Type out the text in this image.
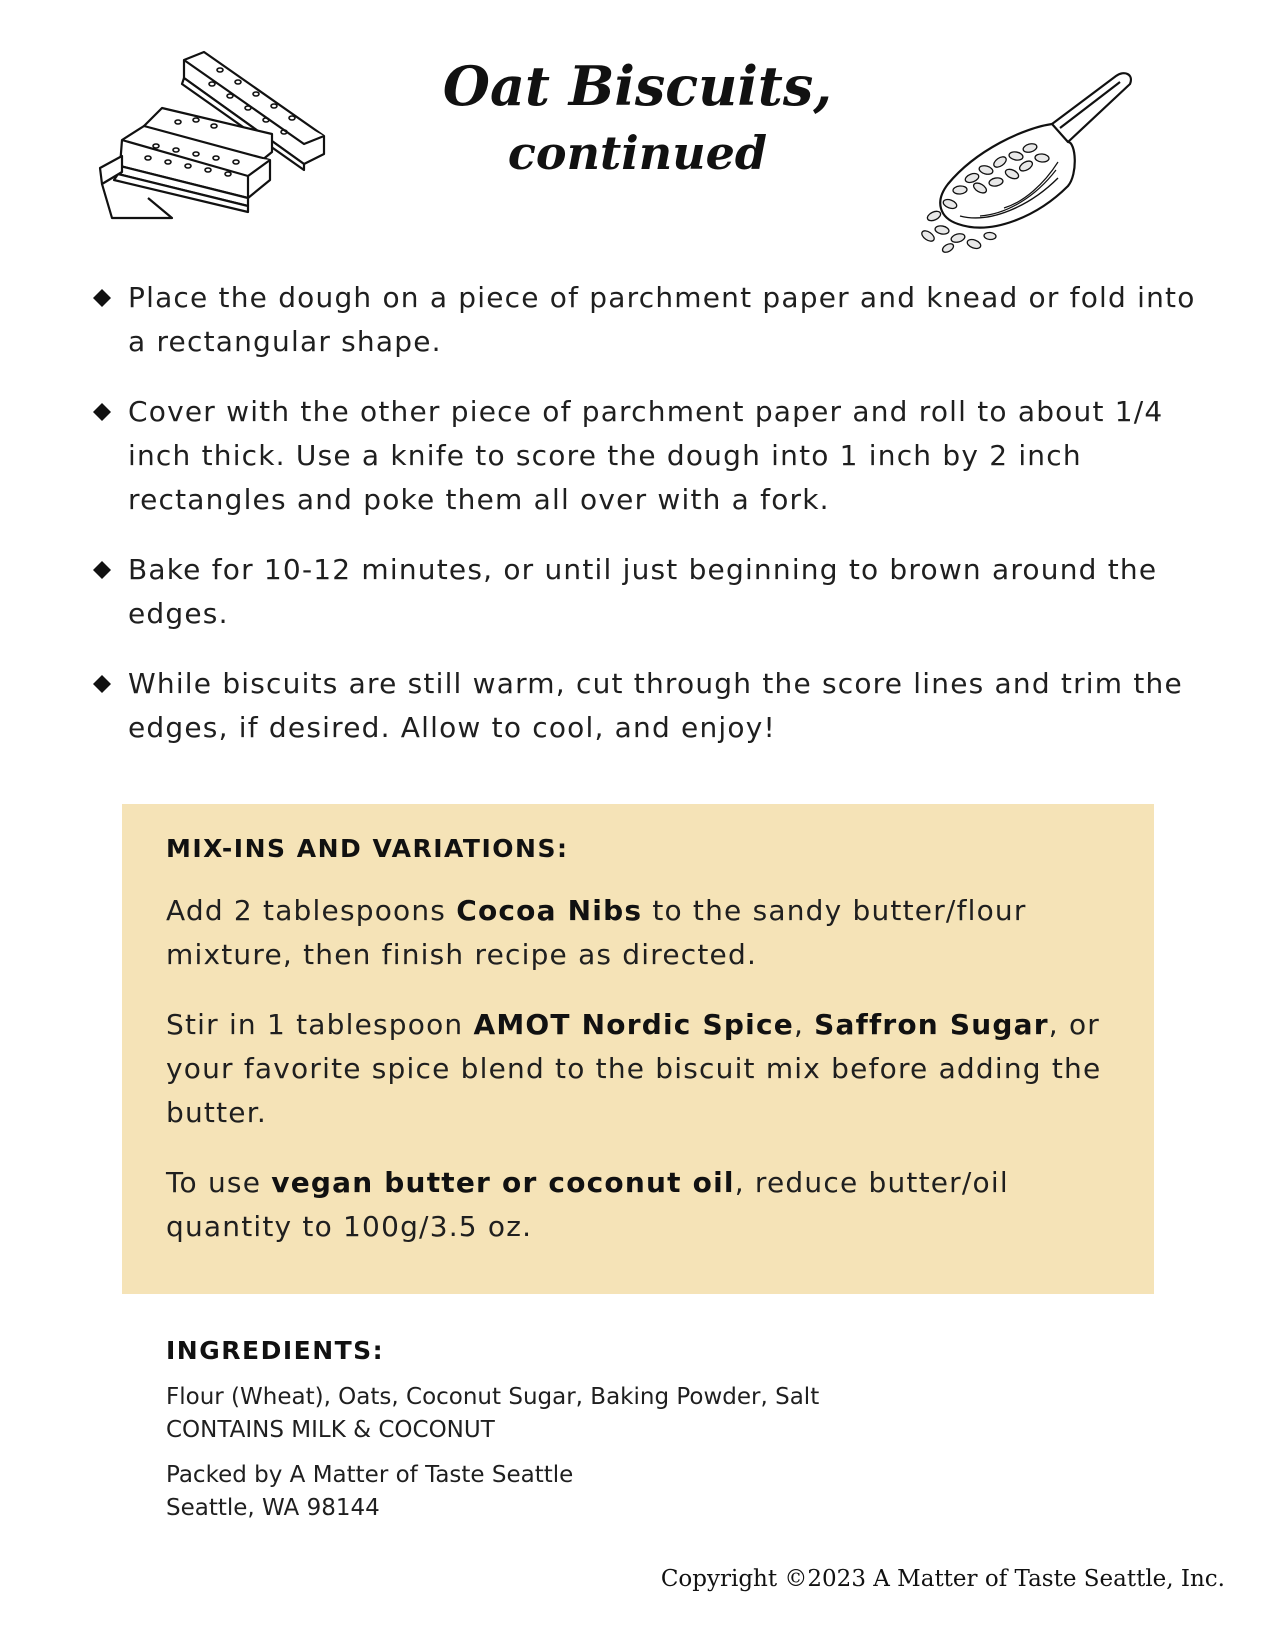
Oat Biscuits,
continued
Place the dough on a piece of parchment paper and knead or fold into a rectangular shape.
Cover with the other piece of parchment paper and roll to about 1/4 inch thick. Use a knife to score the dough into 1 inch by 2 inch rectangles and poke them all over with a fork.
Bake for 10-12 minutes, or until just beginning to brown around the edges.
While biscuits are still warm, cut through the score lines and trim the edges, if desired. Allow to cool, and enjoy!
MIX-INS AND VARIATIONS:

Add 2 tablespoons Cocoa Nibs to the sandy butter/flour mixture, then finish recipe as directed.

Stir in 1 tablespoon AMOT Nordic Spice, Saffron Sugar, or your favorite spice blend to the biscuit mix before adding the butter.

To use vegan butter or coconut oil, reduce butter/oil quantity to 100g/3.5 oz.

INGREDIENTS:
Flour (Wheat), Oats, Coconut Sugar, Baking Powder, Salt
CONTAINS MILK & COCONUT
Packed by A Matter of Taste Seattle
Seattle, WA 98144
Copyright ©2023 A Matter of Taste Seattle, Inc.
